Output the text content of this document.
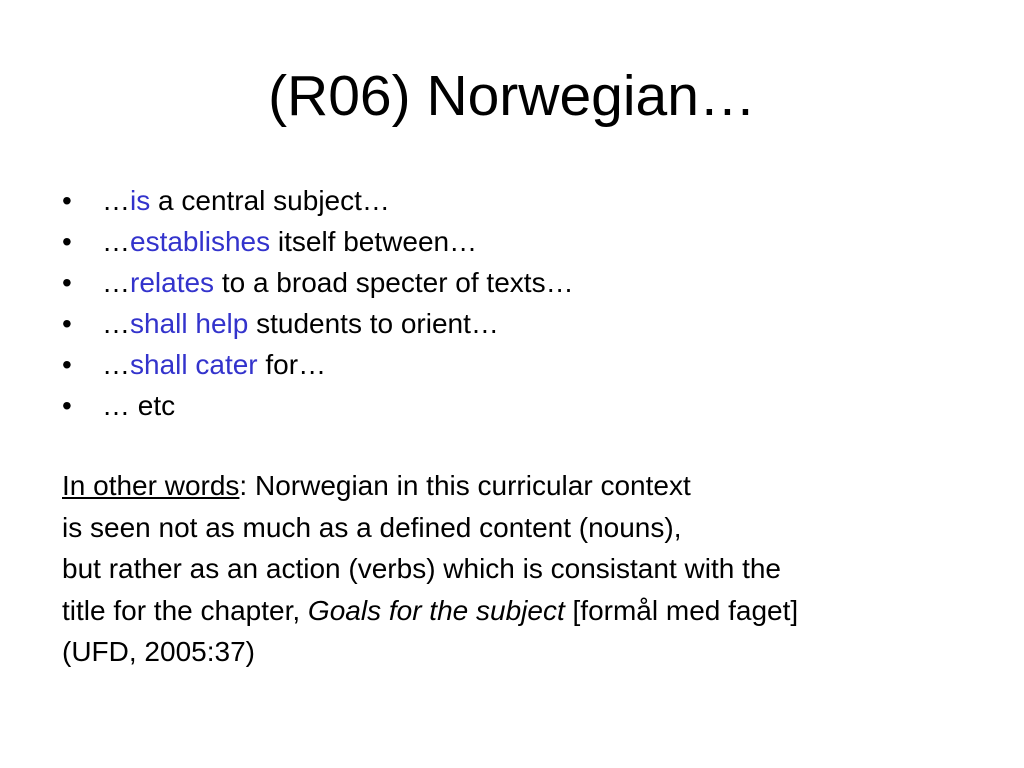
(R06) Norwegian…
• …is a central subject…
• …establishes itself between…
• …relates to a broad specter of texts…
• …shall help students to orient…
• …shall cater for…
• … etc
In other words: Norwegian in this curricular context
is seen not as much as a defined content (nouns),
but rather as an action (verbs) which is consistant with the
title for the chapter, Goals for the subject [formål med faget]
(UFD, 2005:37)
